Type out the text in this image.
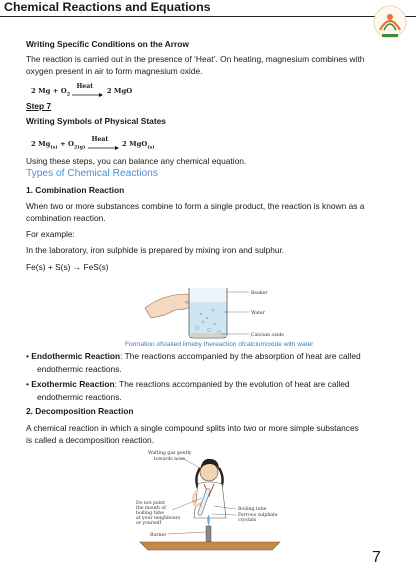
Chemical Reactions and Equations
Writing Specific Conditions on the Arrow
The reaction is carried out in the presence of ‘Heat’. On heating, magnesium combines with
oxygen present in air to form magnesium oxide.
2 $Mg + O_2$
Heat
2 MgO
Step 7
Writing Symbols of Physical States
2 $Mg_{(s)} + O_{2(g)}$
Heat
2 MgO$_{(s)}$
Using these steps, you can balance any chemical equation.
Types of Chemical Reactions
1. Combination Reaction
When two or more substances combine to form a single product, the reaction is known as a
combination reaction.
For example:
In the laboratory, iron sulphide is prepared by mixing iron and sulphur.
Fe(s) + S(s) → FeS(s)
Beaker
Water
Calcium oxide
Formation ofslaked limeby thereaction ofcalciumoxide with water
• Endothermic Reaction: The reactions accompanied by the absorption of heat are called
endothermic reactions.
• Exothermic Reaction: The reactions accompanied by the evolution of heat are called
endothermic reactions.
2. Decomposition Reaction
A chemical reaction in which a single compound splits into two or more simple substances
is called a decomposition reaction.
Wafting gas gently
towards nose
Do not point
the mouth of
boiling tube
at your neighbours
or yourself
Burner
Boiling tube
Ferrous sulphate
crystals
7
